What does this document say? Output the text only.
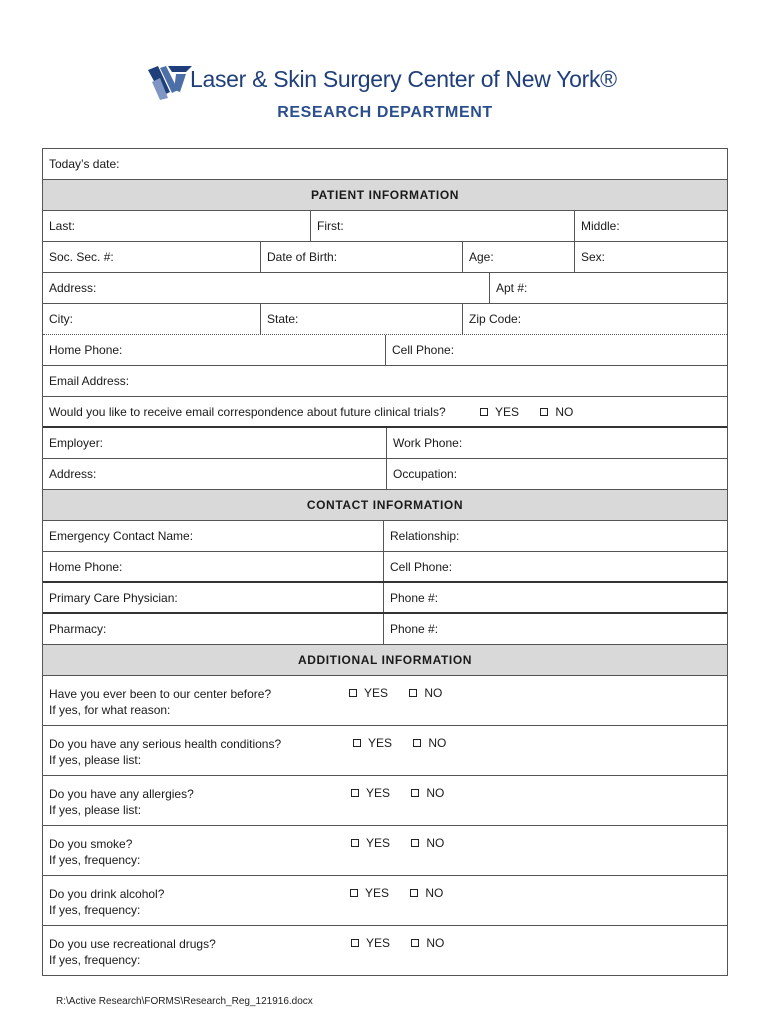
Laser & Skin Surgery Center of New York®
RESEARCH DEPARTMENT
Today’s date:
PATIENT INFORMATION
Last:	First:	Middle:
Soc. Sec. #:	Date of Birth:	Age:	Sex:
Address:	Apt #:
City:	State:	Zip Code:
Home Phone:	Cell Phone:
Email Address:
Would you like to receive email correspondence about future clinical trials?	YES	NO
Employer:	Work Phone:
Address:	Occupation:
CONTACT INFORMATION
Emergency Contact Name:	Relationship:
Home Phone:	Cell Phone:
Primary Care Physician:	Phone #:
Pharmacy:	Phone #:
ADDITIONAL INFORMATION
Have you ever been to our center before?
If yes, for what reason:
YES	NO
Do you have any serious health conditions?
If yes, please list:
YES	NO
Do you have any allergies?
If yes, please list:
YES	NO
Do you smoke?
If yes, frequency:
YES	NO
Do you drink alcohol?
If yes, frequency:
YES	NO
Do you use recreational drugs?
If yes, frequency:
YES	NO
R:\Active Research\FORMS\Research_Reg_121916.docx
